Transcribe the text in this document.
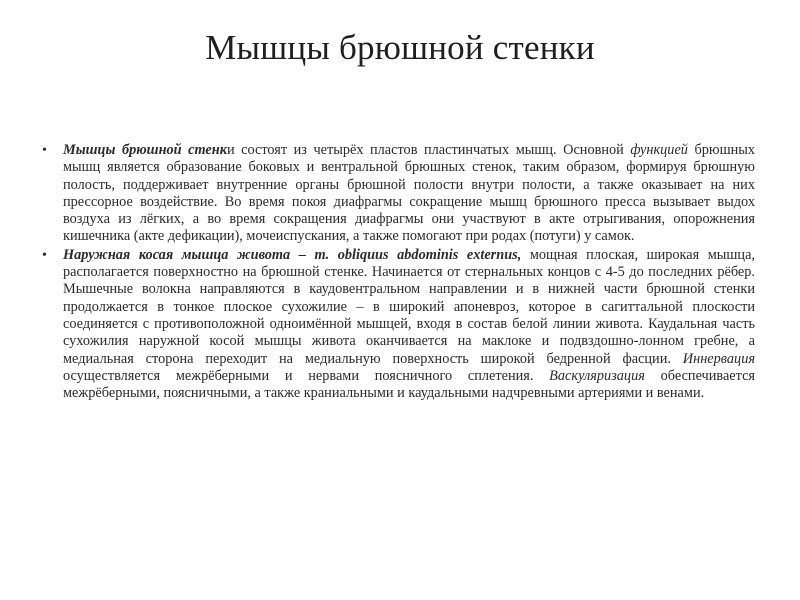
Мышцы брюшной стенки

• Мышцы брюшной стенки состоят из четырёх пластов пластинчатых мышц. Основной функцией брюшных мышц является образование боковых и вентральной брюшных стенок, таким образом, формируя брюшную полость, поддерживает внутренние органы брюшной полости внутри полости, а также оказывает на них прессорное воздействие. Во время покоя диафрагмы сокращение мышц брюшного пресса вызывает выдох воздуха из лёгких, а во время сокращения диафрагмы они участвуют в акте отрыгивания, опорожнения кишечника (акте дефикации), мочеиспускания, а также помогают при родах (потуги) у самок.

• Наружная косая мышца живота – m. obliquus abdominis externus, мощная плоская, широкая мышца, располагается поверхностно на брюшной стенке. Начинается от стернальных концов с 4-5 до последних рёбер. Мышечные волокна направляются в каудовентральном направлении и в нижней части брюшной стенки продолжается в тонкое плоское сухожилие – в широкий апоневроз, которое в сагиттальной плоскости соединяется с противоположной одноимённой мышцей, входя в состав белой линии живота. Каудальная часть сухожилия наружной косой мышцы живота оканчивается на маклоке и подвздошно-лонном гребне, а медиальная сторона переходит на медиальную поверхность широкой бедренной фасции. Иннервация осуществляется межрёберными и нервами поясничного сплетения. Васкуляризация обеспечивается межрёберными, поясничными, а также краниальными и каудальными надчревными артериями и венами.
